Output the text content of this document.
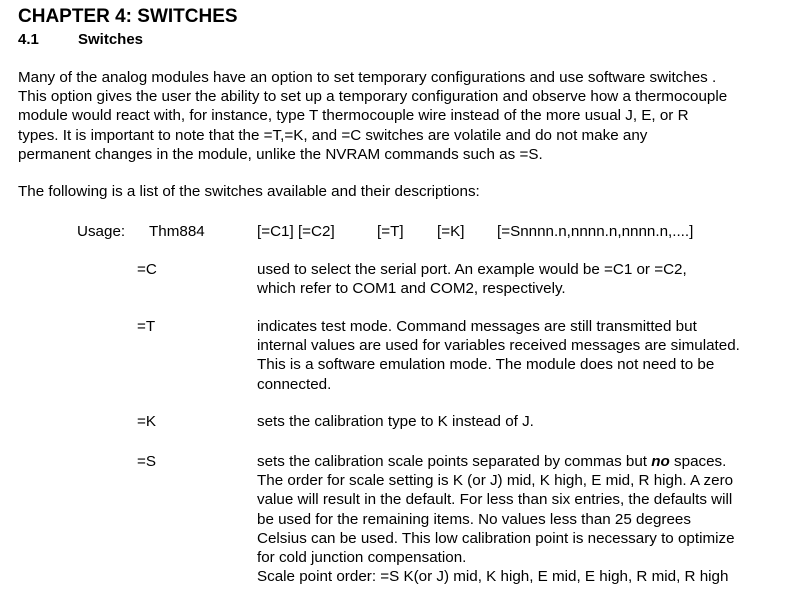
CHAPTER 4: SWITCHES
4.1	Switches
Many of the analog modules have an option to set temporary configurations and use software switches .
This option gives the user the ability to set up a temporary configuration and observe how a thermocouple
module would react with, for instance, type T thermocouple wire instead of the more usual J, E, or R
types. It is important to note that the =T,=K, and =C switches are volatile and do not make any
permanent changes in the module, unlike the NVRAM commands such as =S.
The following is a list of the switches available and their descriptions:
Usage: Thm884	[=C1] [=C2]	[=T] [=K] [=Snnnn.n,nnnn.n,nnnn.n,....]
=C	used to select the serial port. An example would be =C1 or =C2,
which refer to COM1 and COM2, respectively.
=T	indicates test mode. Command messages are still transmitted but
internal values are used for variables received messages are simulated.
This is a software emulation mode. The module does not need to be
connected.
=K	sets the calibration type to K instead of J.
=S	sets the calibration scale points separated by commas but no spaces.
The order for scale setting is K (or J) mid, K high, E mid, R high. A zero
value will result in the default. For less than six entries, the defaults will
be used for the remaining items. No values less than 25 degrees
Celsius can be used. This low calibration point is necessary to optimize
for cold junction compensation.
Scale point order: =S K(or J) mid, K high, E mid, E high, R mid, R high
